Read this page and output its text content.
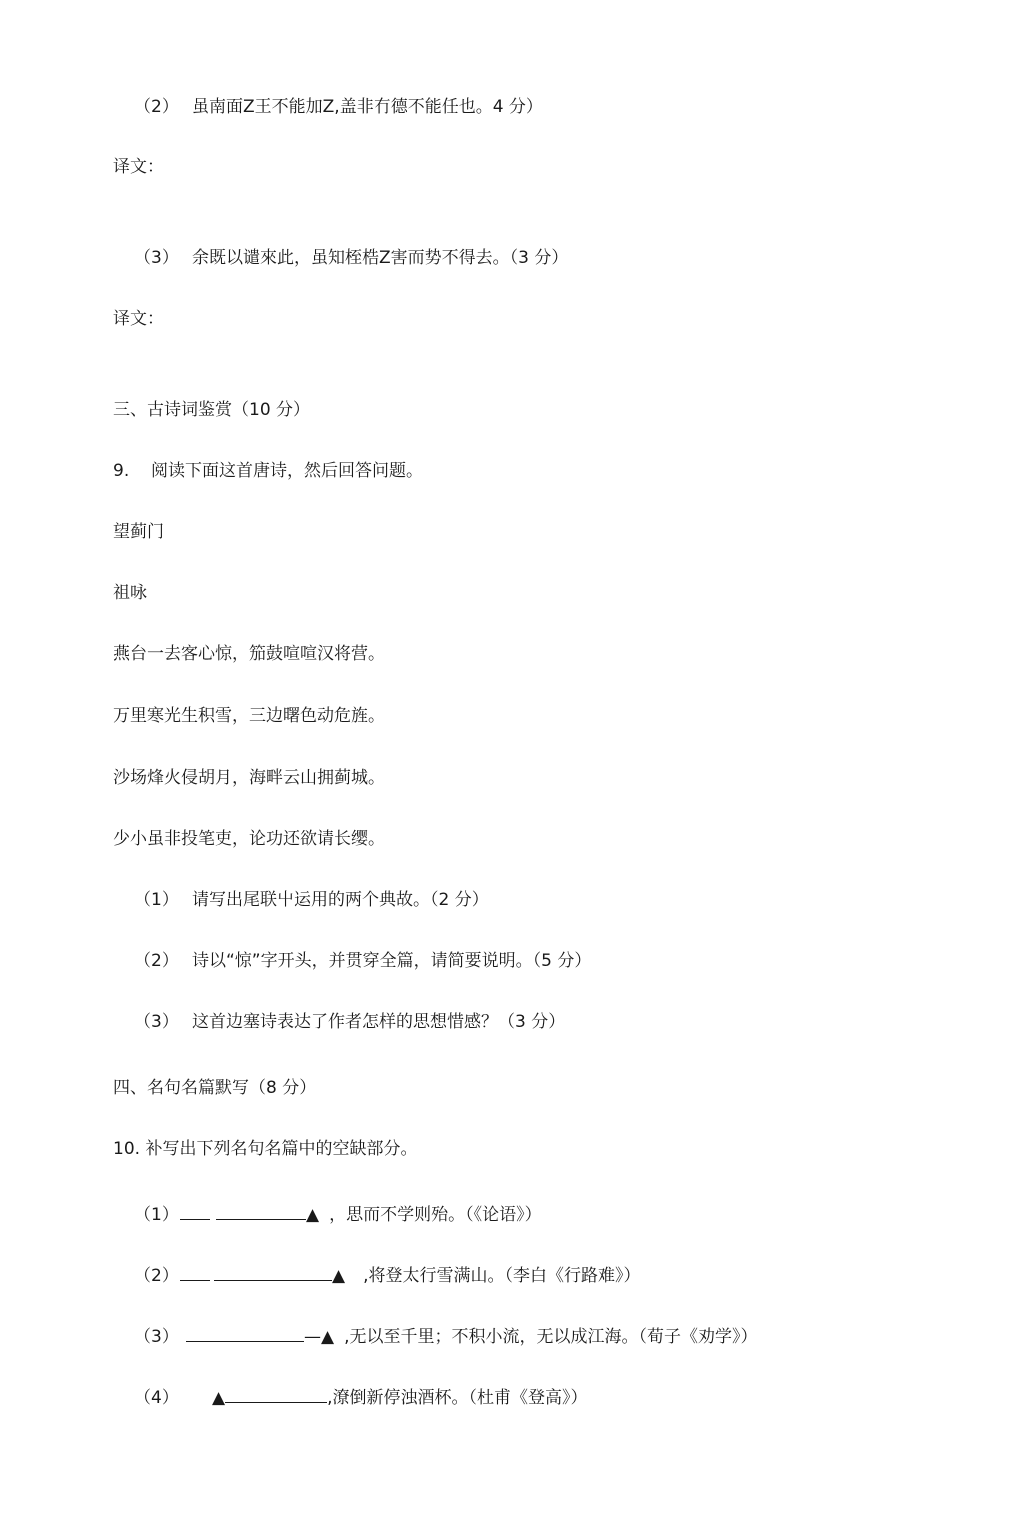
（2） 虽南面Z王不能加Z,盖非冇德不能任也。4 分）
译文：
（3） 余既以谴來此，虽知桎梏Z害而势不得去。（3 分）
译文：
三、古诗词鉴赏（10 分）
9. 阅读下面这首唐诗，然后回答问题。
望蓟门
祖咏
燕台一去客心惊，笳鼓喧喧汉将营。
万里寒光生积雪，三边曙色动危旌。
沙场烽火侵胡月，海畔云山拥蓟城。
少小虽非投笔吏，论功还欲请长缨。
（1） 请写出尾联屮运用的两个典故。（2 分）
（2） 诗以“惊”字开头，并贯穿全篇，请简要说明。（5 分）
（3） 这首边塞诗表达了作者怎样的思想惜感？（3 分）
四、名句名篇默写（8 分）
10. 补写出下列名句名篇中的空缺部分。
（1）	▲ ，思而不学则殆。（《论语》）
（2）	▲ ,将登太行雪满山。（李白《行路难》）
（3）	—▲ ,无以至千里；不积小流，无以成江海。（荀子《劝学》）
（4） ▲	,潦倒新停浊酒杯。（杜甫《登高》）
